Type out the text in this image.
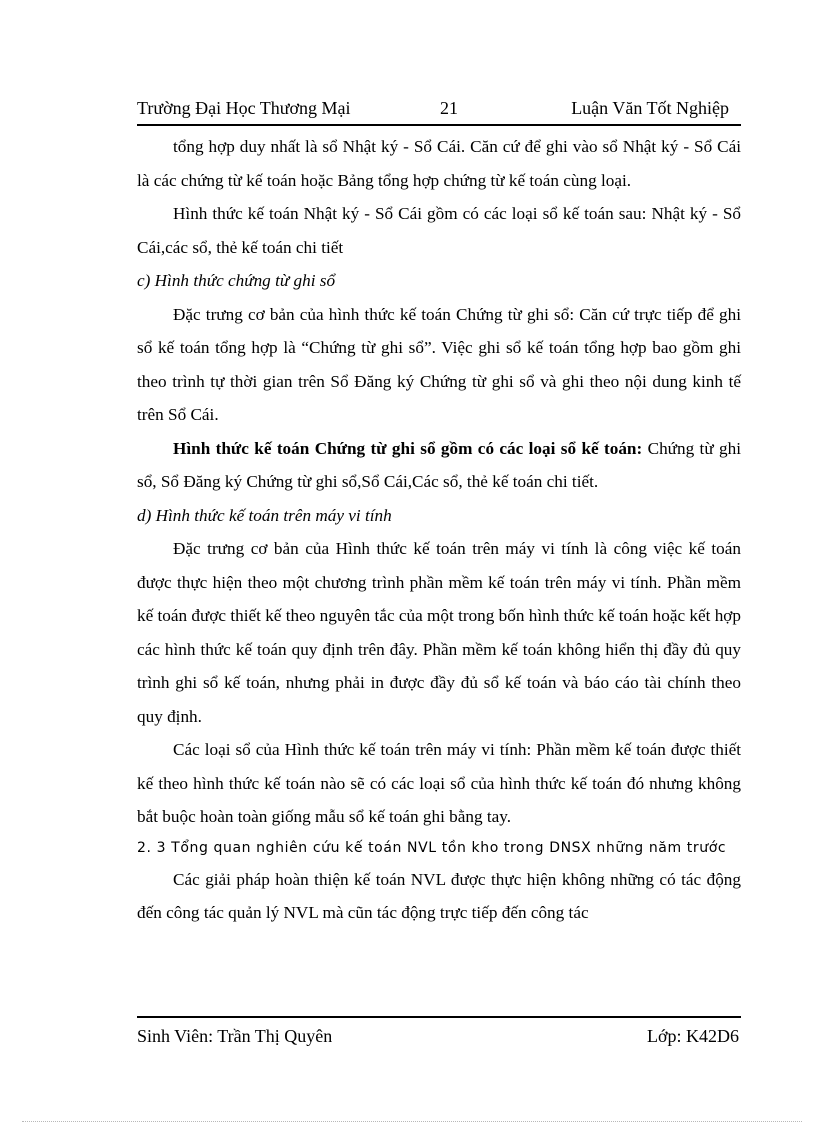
Trường Đại Học Thương Mại	21	Luận Văn Tốt Nghiệp

tổng hợp duy nhất là sổ Nhật ký - Sổ Cái. Căn cứ để ghi vào sổ Nhật ký - Sổ Cái là các chứng từ kế toán hoặc Bảng tổng hợp chứng từ kế toán cùng loại.

Hình thức kế toán Nhật ký - Sổ Cái gồm có các loại sổ kế toán sau: Nhật ký - Sổ Cái,các sổ, thẻ kế toán chi tiết

c) Hình thức chứng từ ghi sổ

Đặc trưng cơ bản của hình thức kế toán Chứng từ ghi sổ: Căn cứ trực tiếp để ghi sổ kế toán tổng hợp là “Chứng từ ghi sổ”. Việc ghi sổ kế toán tổng hợp bao gồm ghi theo trình tự thời gian trên Sổ Đăng ký Chứng từ ghi sổ và ghi theo nội dung kinh tế trên Sổ Cái.

Hình thức kế toán Chứng từ ghi sổ gồm có các loại sổ kế toán: Chứng từ ghi sổ, Sổ Đăng ký Chứng từ ghi sổ,Sổ Cái,Các sổ, thẻ kế toán chi tiết.

d) Hình thức kế toán trên máy vi tính

Đặc trưng cơ bản của Hình thức kế toán trên máy vi tính là công việc kế toán được thực hiện theo một chương trình phần mềm kế toán trên máy vi tính. Phần mềm kế toán được thiết kế theo nguyên tắc của một trong bốn hình thức kế toán hoặc kết hợp các hình thức kế toán quy định trên đây. Phần mềm kế toán không hiển thị đầy đủ quy trình ghi sổ kế toán, nhưng phải in được đầy đủ sổ kế toán và báo cáo tài chính theo quy định.

Các loại sổ của Hình thức kế toán trên máy vi tính: Phần mềm kế toán được thiết kế theo hình thức kế toán nào sẽ có các loại sổ của hình thức kế toán đó nhưng không bắt buộc hoàn toàn giống mẫu sổ kế toán ghi bằng tay.

2. 3 Tổng quan nghiên cứu kế toán NVL tồn kho trong DNSX những năm trước

Các giải pháp hoàn thiện kế toán NVL được thực hiện không những có tác động đến công tác quản lý NVL mà cũn tác động trực tiếp đến công tác

Sinh Viên: Trần Thị Quyên	Lớp: K42D6
